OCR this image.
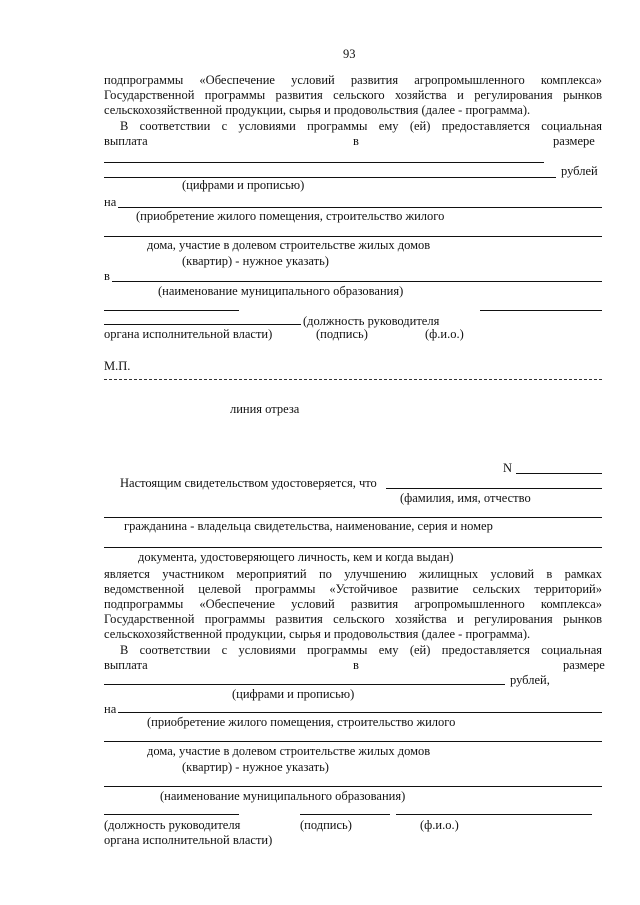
93
подпрограммы «Обеспечение условий развития агропромышленного комплекса»
Государственной программы развития сельского хозяйства и регулирования рынков
сельскохозяйственной продукции, сырья и продовольствия (далее - программа).
В соответствии с условиями программы ему (ей) предоставляется социальная
выплата	в	размере
рублей
(цифрами и прописью)
на
(приобретение жилого помещения, строительство жилого
дома, участие в долевом строительстве жилых домов
(квартир) - нужное указать)
в
(наименование муниципального образования)
(должность руководителя
органа исполнительной власти)	(подпись)	(ф.и.о.)
М.П.
линия отреза
N
Настоящим свидетельством удостоверяется, что
(фамилия, имя, отчество
гражданина - владельца свидетельства, наименование, серия и номер
документа, удостоверяющего личность, кем и когда выдан)
является участником мероприятий по улучшению жилищных условий в рамках
ведомственной целевой программы «Устойчивое развитие сельских территорий»
подпрограммы «Обеспечение условий развития агропромышленного комплекса»
Государственной программы развития сельского хозяйства и регулирования рынков
сельскохозяйственной продукции, сырья и продовольствия (далее - программа).
В соответствии с условиями программы ему (ей) предоставляется социальная
выплата	в	размере
рублей,
(цифрами и прописью)
на
(приобретение жилого помещения, строительство жилого
дома, участие в долевом строительстве жилых домов
(квартир) - нужное указать)
(наименование муниципального образования)
(должность руководителя	(подпись)	(ф.и.о.)
органа исполнительной власти)
